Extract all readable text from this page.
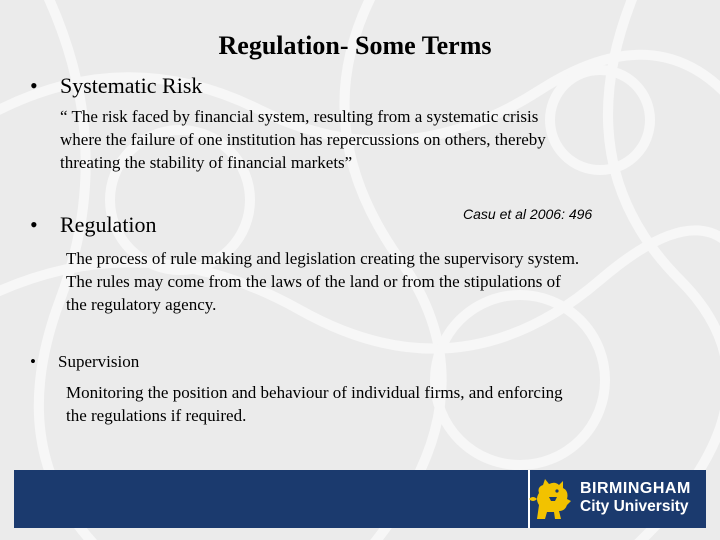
Regulation- Some Terms
•	Systematic Risk
“ The risk faced by financial system, resulting from a systematic crisis
where the failure of one institution has repercussions on others, thereby
threating the stability of financial markets”
•	Regulation	Casu et al 2006: 496
The process of rule making and legislation creating the supervisory system.
The rules may come from the laws of the land or from the stipulations of
the regulatory agency.
•	Supervision
Monitoring the position and behaviour of individual firms, and enforcing
the regulations if required.
BIRMINGHAM
City University
